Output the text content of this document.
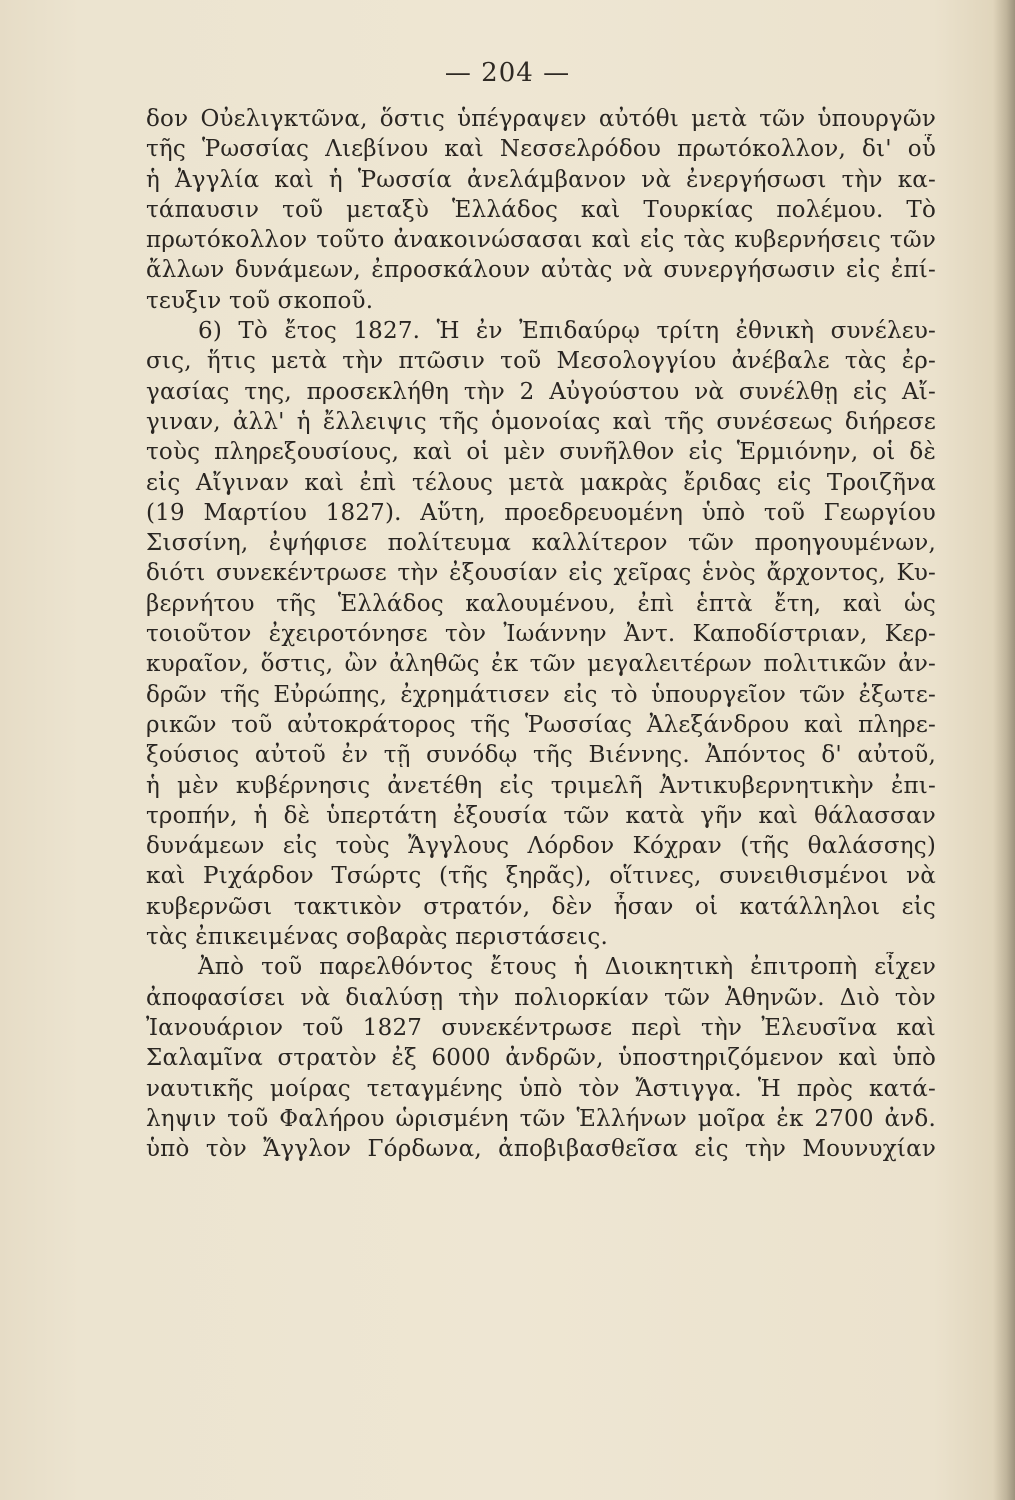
— 204 —
δον Οὐελιγκτῶνα, ὅστις ὑπέγραψεν αὐτόθι μετὰ τῶν ὑπουργῶν
τῆς Ῥωσσίας Λιεβίνου καὶ Νεσσελρόδου πρωτόκολλον, δι' οὗ
ἡ Ἀγγλία καὶ ἡ Ῥωσσία ἀνελάμβανον νὰ ἐνεργήσωσι τὴν κα-
τάπαυσιν τοῦ μεταξὺ Ἑλλάδος καὶ Τουρκίας πολέμου. Τὸ
πρωτόκολλον τοῦτο ἀνακοινώσασαι καὶ εἰς τὰς κυβερνήσεις τῶν
ἄλλων δυνάμεων, ἐπροσκάλουν αὐτὰς νὰ συνεργήσωσιν εἰς ἐπί-
τευξιν τοῦ σκοποῦ.
6) Τὸ ἔτος 1827. Ἡ ἐν Ἐπιδαύρῳ τρίτη ἐθνικὴ συνέλευ-
σις, ἥτις μετὰ τὴν πτῶσιν τοῦ Μεσολογγίου ἀνέβαλε τὰς ἐρ-
γασίας της, προσεκλήθη τὴν 2 Αὐγούστου νὰ συνέλθῃ εἰς Αἴ-
γιναν, ἀλλ' ἡ ἔλλειψις τῆς ὁμονοίας καὶ τῆς συνέσεως διήρεσε
τοὺς πληρεξουσίους, καὶ οἱ μὲν συνῆλθον εἰς Ἑρμιόνην, οἱ δὲ
εἰς Αἴγιναν καὶ ἐπὶ τέλους μετὰ μακρὰς ἔριδας εἰς Τροιζῆνα
(19 Μαρτίου 1827). Αὕτη, προεδρευομένη ὑπὸ τοῦ Γεωργίου
Σισσίνη, ἐψήφισε πολίτευμα καλλίτερον τῶν προηγουμένων,
διότι συνεκέντρωσε τὴν ἐξουσίαν εἰς χεῖρας ἑνὸς ἄρχοντος, Κυ-
βερνήτου τῆς Ἑλλάδος καλουμένου, ἐπὶ ἑπτὰ ἔτη, καὶ ὡς
τοιοῦτον ἐχειροτόνησε τὸν Ἰωάννην Ἀντ. Καποδίστριαν, Κερ-
κυραῖον, ὅστις, ὢν ἀληθῶς ἐκ τῶν μεγαλειτέρων πολιτικῶν ἀν-
δρῶν τῆς Εὐρώπης, ἐχρημάτισεν εἰς τὸ ὑπουργεῖον τῶν ἐξωτε-
ρικῶν τοῦ αὐτοκράτορος τῆς Ῥωσσίας Ἀλεξάνδρου καὶ πληρε-
ξούσιος αὐτοῦ ἐν τῇ συνόδῳ τῆς Βιέννης. Ἀπόντος δ' αὐτοῦ,
ἡ μὲν κυβέρνησις ἀνετέθη εἰς τριμελῆ Ἀντικυβερνητικὴν ἐπι-
τροπήν, ἡ δὲ ὑπερτάτη ἐξουσία τῶν κατὰ γῆν καὶ θάλασσαν
δυνάμεων εἰς τοὺς Ἄγγλους Λόρδον Κόχραν (τῆς θαλάσσης)
καὶ Ριχάρδον Τσώρτς (τῆς ξηρᾶς), οἵτινες, συνειθισμένοι νὰ
κυβερνῶσι τακτικὸν στρατόν, δὲν ἦσαν οἱ κατάλληλοι εἰς
τὰς ἐπικειμένας σοβαρὰς περιστάσεις.
Ἀπὸ τοῦ παρελθόντος ἔτους ἡ Διοικητικὴ ἐπιτροπὴ εἶχεν
ἀποφασίσει νὰ διαλύσῃ τὴν πολιορκίαν τῶν Ἀθηνῶν. Διὸ τὸν
Ἰανουάριον τοῦ 1827 συνεκέντρωσε περὶ τὴν Ἐλευσῖνα καὶ
Σαλαμῖνα στρατὸν ἐξ 6000 ἀνδρῶν, ὑποστηριζόμενον καὶ ὑπὸ
ναυτικῆς μοίρας τεταγμένης ὑπὸ τὸν Ἄστιγγα. Ἡ πρὸς κατά-
ληψιν τοῦ Φαλήρου ὡρισμένη τῶν Ἑλλήνων μοῖρα ἐκ 2700 ἀνδ.
ὑπὸ τὸν Ἄγγλον Γόρδωνα, ἀποβιβασθεῖσα εἰς τὴν Μουνυχίαν
